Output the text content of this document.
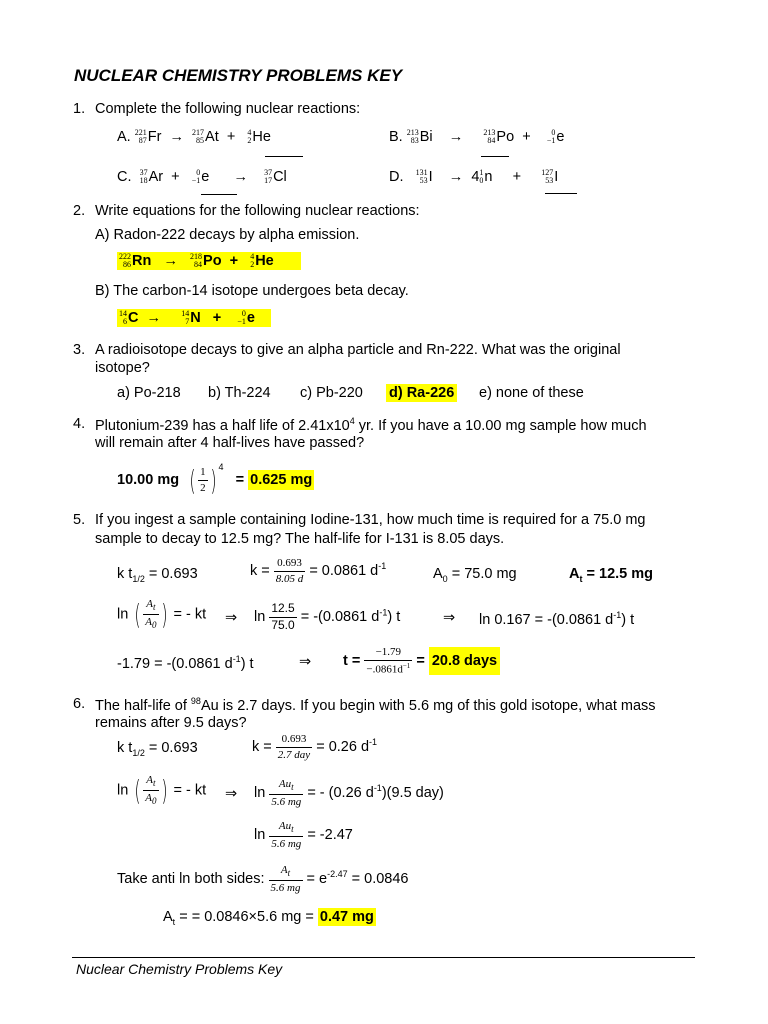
NUCLEAR CHEMISTRY PROBLEMS KEY
1. Complete the following nuclear reactions:
A. 221
87 Fr → 217
85 At + 4
2 He	B. 213
83 Bi →	213
84 Po +	0
−1 e
C. 37
18 Ar +	0
−1 e → 37
17 Cl	D. 131
53 I → 4 1
0 n +	127
53 I
2. Write equations for the following nuclear reactions:
A) Radon-222 decays by alpha emission.
222
86 Rn → 218
84 Po + 4
2 He
B) The carbon-14 isotope undergoes beta decay.
14
6 C →	14
7 N +	0
−1 e
3. A radioisotope decays to give an alpha particle and Rn-222. What was the original
isotope?
a) Po-218 b) Th-224 c) Pb-220 d) Ra-226 e) none of these
4. Plutonium-239 has a half life of $2.41x10^4$ yr. If you have a 10.00 mg sample how much
will remain after 4 half-lives have passed?
10.00 mg ( $\frac{1}{2}$ ) $^4$   = 0.625 mg
5. If you ingest a sample containing Iodine-131, how much time is required for a 75.0 mg
sample to decay to 12.5 mg? The half-life for I-131 is 8.05 days.
k $t_{1/2} = 0.693$	$k = \frac{0.693}{8.05 d} = 0.0861$ $d^{-1}$	$A_0 = 75.0$ mg	$A_t = 12.5$ mg
ln ( $\frac{A_t}{A_0}$ ) = - kt ⇒ $\ln \frac{12.5}{75.0} = -(0.0861$ $d^{-1}$) t	⇒ ln 0.167 = -(0.0861 $d^{-1}$) t
-1.79 = -(0.0861 $d^{-1}$) t	⇒ $t = \frac{-1.79}{-.0861d^{-1}} = 20.8$ days
6. The half-life of $^{98}$Au is 2.7 days. If you begin with 5.6 mg of this gold isotope, what mass
remains after 9.5 days?
k $t_{1/2} = 0.693$	$k = \frac{0.693}{\text{2.7 day}} = 0.26$ $d^{-1}$
ln ( $\frac{A_t}{A_0}$ ) = - kt ⇒ $\ln \frac{Au_t}{5.6 mg}$ = - (0.26 $d^{-1})(9.5$ day)
$\ln \frac{Au_t}{5.6 mg} = -2.47$
Take anti ln both sides: $\frac{A_t}{5.6 mg} = e^{-2.47} = 0.0846$
$A_t$ = = 0.0846×5.6 mg = 0.47 mg
Nuclear Chemistry Problems Key
